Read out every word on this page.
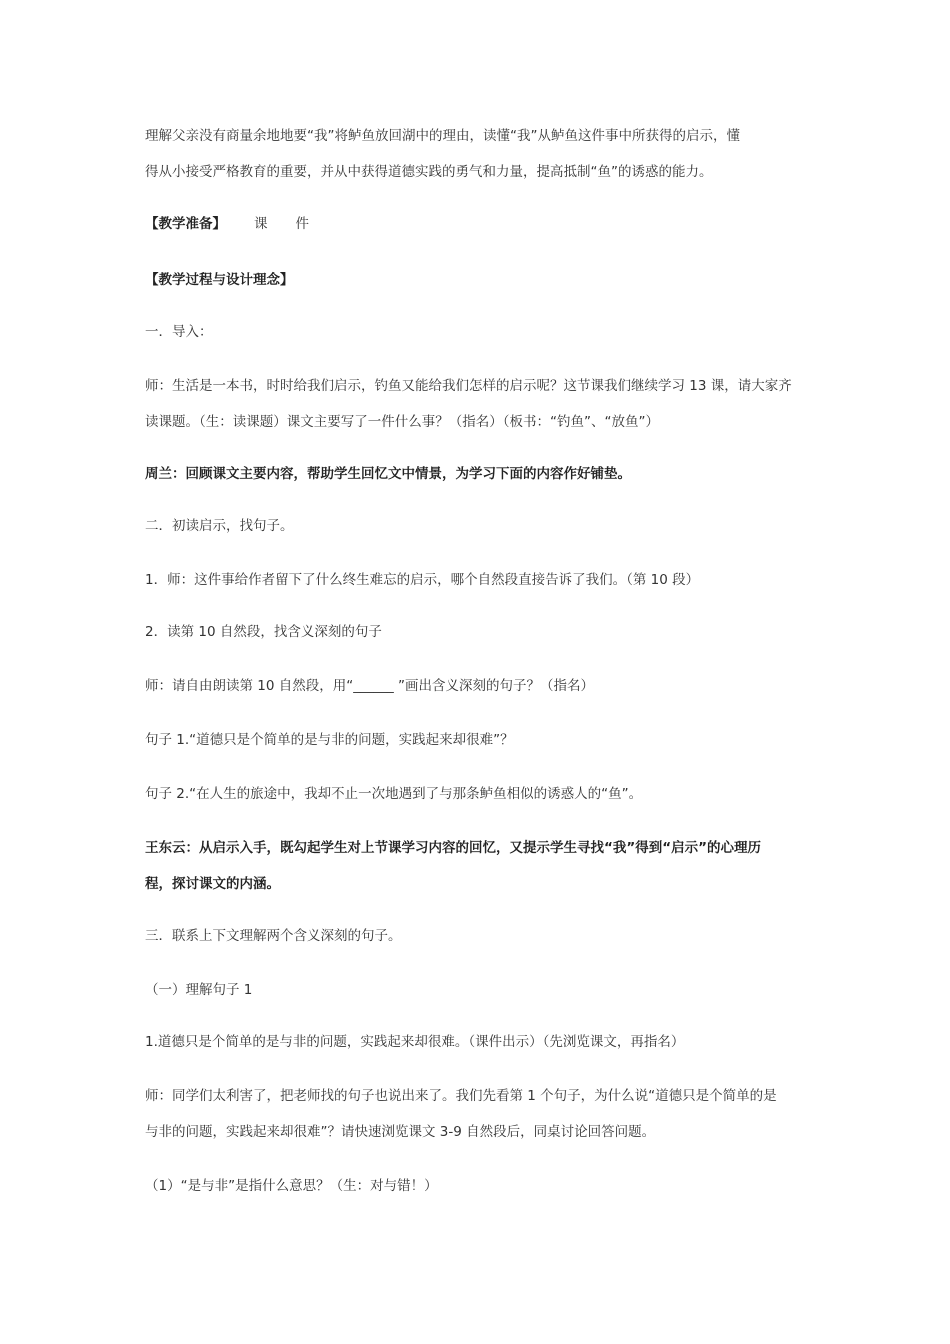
理解父亲没有商量余地地要“我”将鲈鱼放回湖中的理由，读懂“我”从鲈鱼这件事中所获得的启示，懂
得从小接受严格教育的重要，并从中获得道德实践的勇气和力量，提高抵制“鱼”的诱惑的能力。
【教学准备】 课 件
【教学过程与设计理念】
一．导入：
师：生活是一本书，时时给我们启示，钓鱼又能给我们怎样的启示呢？这节课我们继续学习 13 课，请大家齐
读课题。（生：读课题）课文主要写了一件什么事？（指名）（板书：“钓鱼”、“放鱼”）
周兰：回顾课文主要内容，帮助学生回忆文中情景，为学习下面的内容作好铺垫。
二．初读启示，找句子。
1．师：这件事给作者留下了什么终生难忘的启示，哪个自然段直接告诉了我们。（第 10 段）
2．读第 10 自然段，找含义深刻的句子
师：请自由朗读第 10 自然段，用“______ ”画出含义深刻的句子？（指名）
句子 1.“道德只是个简单的是与非的问题，实践起来却很难”？
句子 2.“在人生的旅途中，我却不止一次地遇到了与那条鲈鱼相似的诱惑人的“鱼”。
王东云：从启示入手，既勾起学生对上节课学习内容的回忆，又提示学生寻找“我”得到“启示”的心理历
程，探讨课文的内涵。
三．联系上下文理解两个含义深刻的句子。
（一）理解句子 1
1.道德只是个简单的是与非的问题，实践起来却很难。（课件出示）（先浏览课文，再指名）
师：同学们太利害了，把老师找的句子也说出来了。我们先看第 1 个句子，为什么说“道德只是个简单的是
与非的问题，实践起来却很难”？请快速浏览课文 3-9 自然段后，同桌讨论回答问题。
（1）“是与非”是指什么意思？（生：对与错！）
